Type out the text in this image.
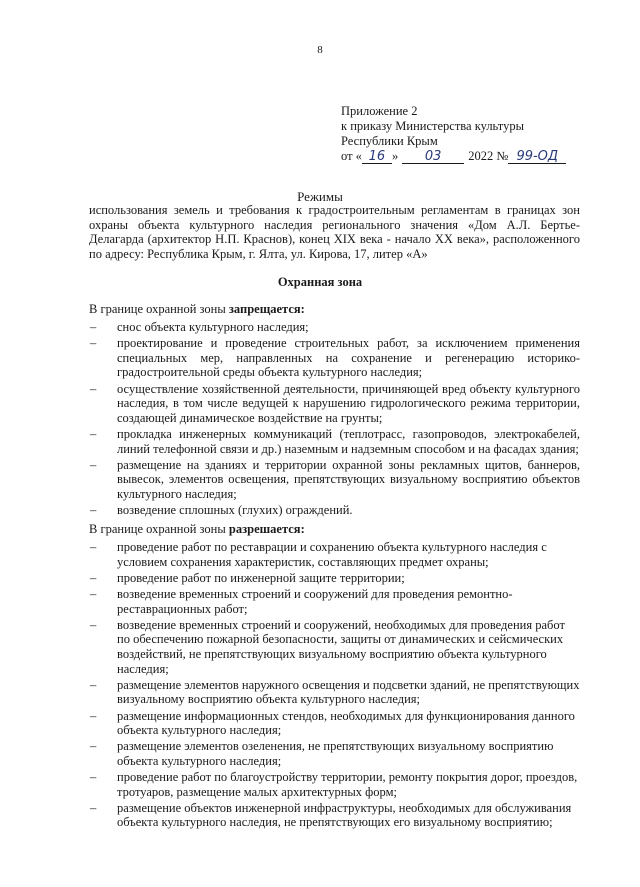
8
Приложение 2
к приказу Министерства культуры
Республики Крым
от « 16 »	03	2022 № 99-ОД
Режимы
использования земель и требования к градостроительным регламентам в границах зон охраны объекта культурного наследия регионального значения «Дом А.Л. Бертье-Делагарда (архитектор Н.П. Краснов), конец XIX века - начало XX века», расположенного по адресу: Республика Крым, г. Ялта, ул. Кирова, 17, литер «А»
Охранная зона
В границе охранной зоны запрещается:
– снос объекта культурного наследия;
– проектирование и проведение строительных работ, за исключением применения специальных мер, направленных на сохранение и регенерацию историко-градостроительной среды объекта культурного наследия;
– осуществление хозяйственной деятельности, причиняющей вред объекту культурного наследия, в том числе ведущей к нарушению гидрологического режима территории, создающей динамическое воздействие на грунты;
– прокладка инженерных коммуникаций (теплотрасс, газопроводов, электрокабелей, линий телефонной связи и др.) наземным и надземным способом и на фасадах здания;
– размещение на зданиях и территории охранной зоны рекламных щитов, баннеров, вывесок, элементов освещения, препятствующих визуальному восприятию объектов культурного наследия;
– возведение сплошных (глухих) ограждений.
В границе охранной зоны разрешается:
– проведение работ по реставрации и сохранению объекта культурного наследия с условием сохранения характеристик, составляющих предмет охраны;
– проведение работ по инженерной защите территории;
– возведение временных строений и сооружений для проведения ремонтно-реставрационных работ;
– возведение временных строений и сооружений, необходимых для проведения работ по обеспечению пожарной безопасности, защиты от динамических и сейсмических воздействий, не препятствующих визуальному восприятию объекта культурного наследия;
– размещение элементов наружного освещения и подсветки зданий, не препятствующих визуальному восприятию объекта культурного наследия;
– размещение информационных стендов, необходимых для функционирования данного объекта культурного наследия;
– размещение элементов озеленения, не препятствующих визуальному восприятию объекта культурного наследия;
– проведение работ по благоустройству территории, ремонту покрытия дорог, проездов, тротуаров, размещение малых архитектурных форм;
– размещение объектов инженерной инфраструктуры, необходимых для обслуживания объекта культурного наследия, не препятствующих его визуальному восприятию;
